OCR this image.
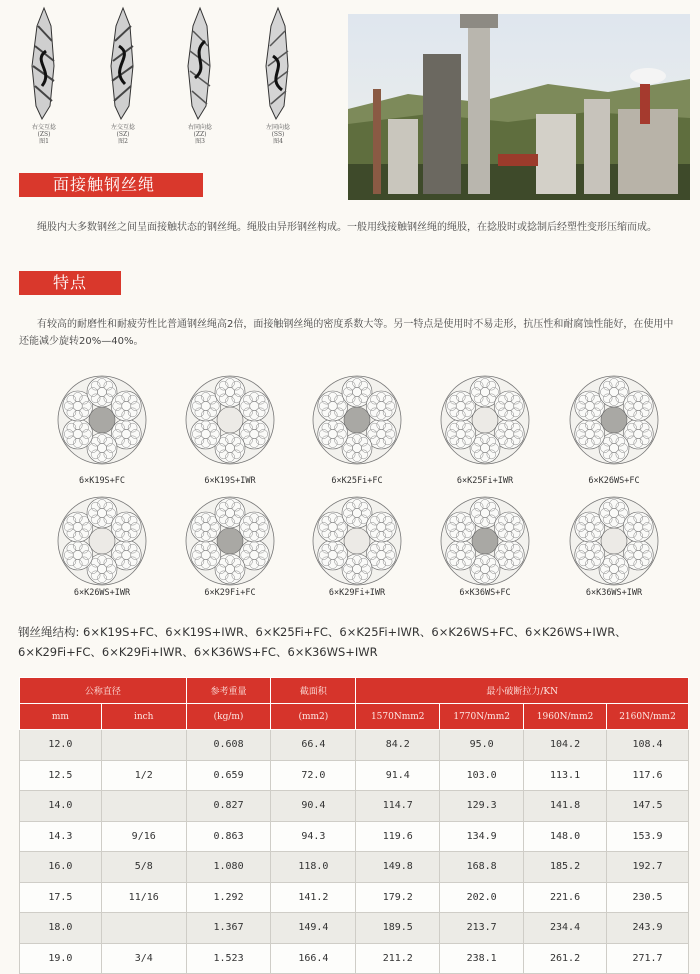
右交互捻
(ZS)
图1
左交互捻
(SZ)
图2
右同向捻
(ZZ)
图3
左同向捻
(SS)
图4
面接触钢丝绳
绳股内大多数钢丝之间呈面接触状态的钢丝绳。绳股由异形钢丝构成。一般用线接触钢丝绳的绳股，在捻股时或捻制后经塑性变形压缩而成。
特点
有较高的耐磨性和耐疲劳性比普通钢丝绳高2倍，面接触钢丝绳的密度系数大等。另一特点是使用时不易走形，抗压性和耐腐蚀性能好，在使用中还能减少旋转20%—40%。
6×K19S+FC	6×K19S+IWR	6×K25Fi+FC	6×K25Fi+IWR	6×K26WS+FC
6×K26WS+IWR	6×K29Fi+FC	6×K29Fi+IWR	6×K36WS+FC	6×K36WS+IWR
钢丝绳结构: 6×K19S+FC、6×K19S+IWR、6×K25Fi+FC、6×K25Fi+IWR、6×K26WS+FC、6×K26WS+IWR、
6×K29Fi+FC、6×K29Fi+IWR、6×K36WS+FC、6×K36WS+IWR
公称直径		参考重量	截面积	最小破断拉力/KN			
mm	inch	(kg/m)	(mm2)	1570Nmm2	1770N/mm2	1960N/mm2	2160N/mm2
12.0		0.608	66.4	84.2	95.0	104.2	108.4
12.5	1/2	0.659	72.0	91.4	103.0	113.1	117.6
14.0		0.827	90.4	114.7	129.3	141.8	147.5
14.3	9/16	0.863	94.3	119.6	134.9	148.0	153.9
16.0	5/8	1.080	118.0	149.8	168.8	185.2	192.7
17.5	11/16	1.292	141.2	179.2	202.0	221.6	230.5
18.0		1.367	149.4	189.5	213.7	234.4	243.9
19.0	3/4	1.523	166.4	211.2	238.1	261.2	271.7
